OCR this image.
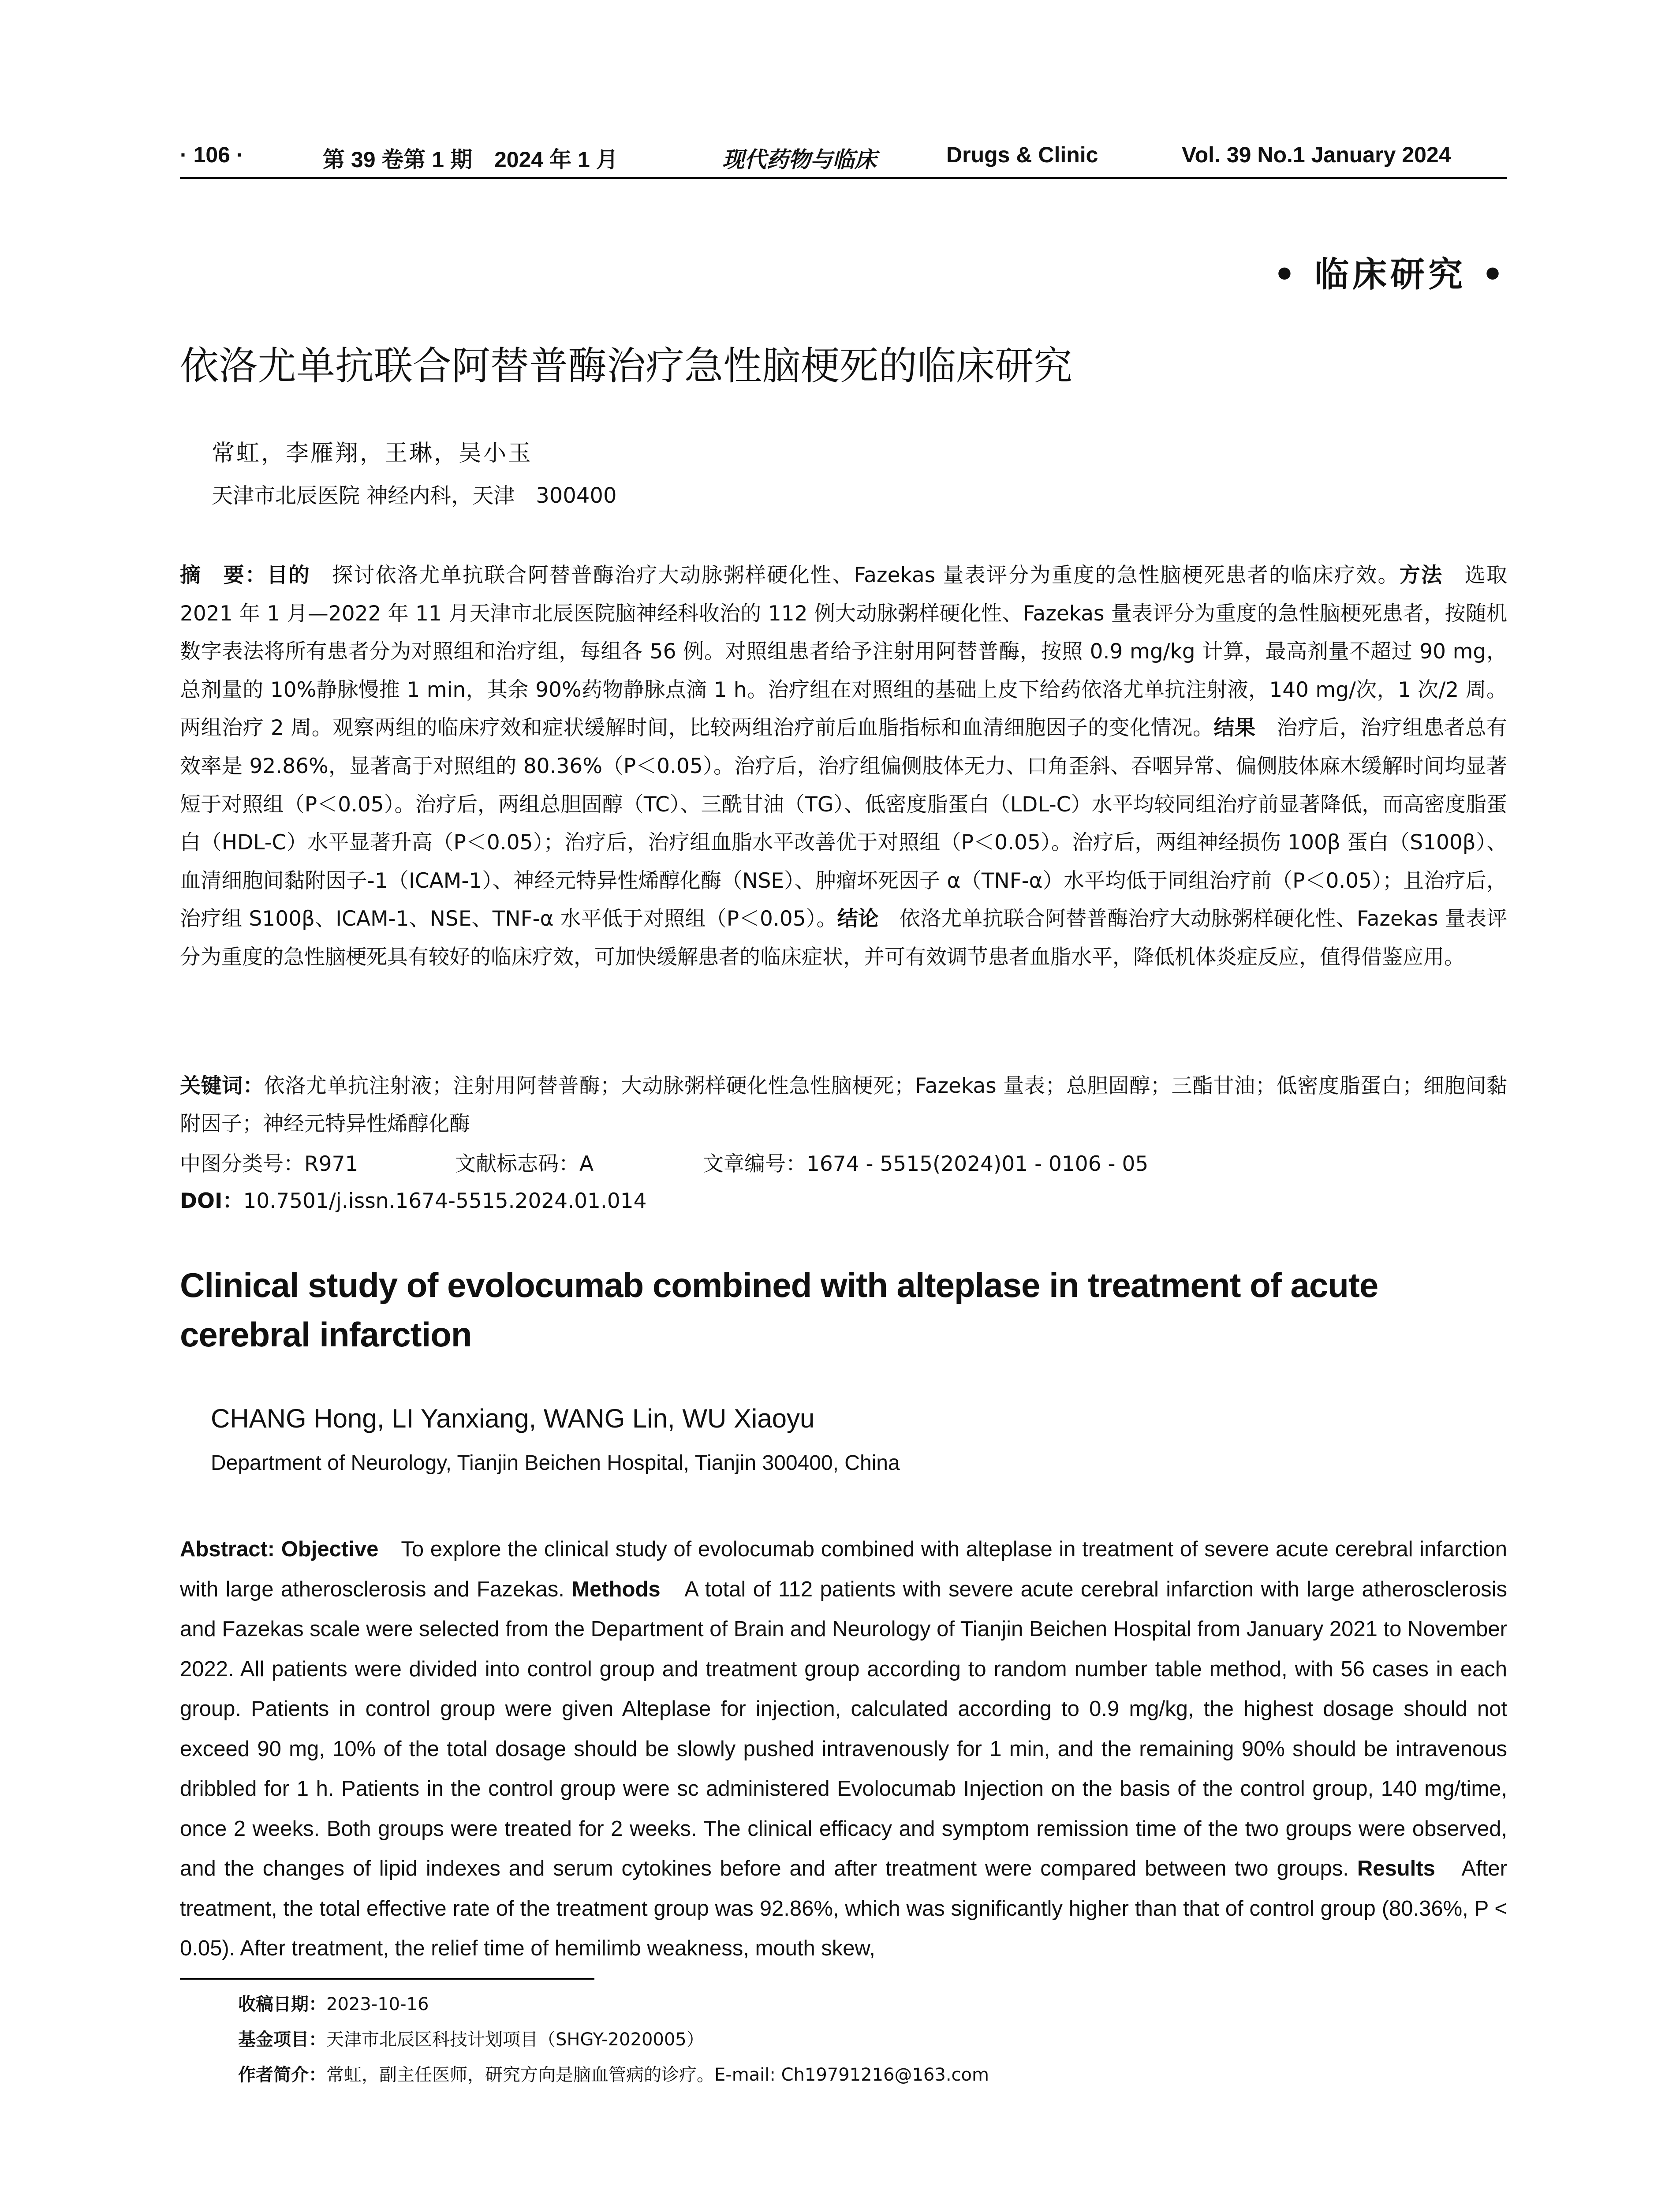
· 106 ·	第 39 卷第 1 期　2024 年 1 月	现代药物与临床	Drugs & Clinic	Vol. 39 No.1 January 2024
• 临床研究 •
依洛尤单抗联合阿替普酶治疗急性脑梗死的临床研究
常虹，李雁翔，王琳，吴小玉
天津市北辰医院 神经内科，天津　300400
摘　要：目的　探讨依洛尤单抗联合阿替普酶治疗大动脉粥样硬化性、Fazekas 量表评分为重度的急性脑梗死患者的临床疗效。方法　选取 2021 年 1 月—2022 年 11 月天津市北辰医院脑神经科收治的 112 例大动脉粥样硬化性、Fazekas 量表评分为重度的急性脑梗死患者，按随机数字表法将所有患者分为对照组和治疗组，每组各 56 例。对照组患者给予注射用阿替普酶，按照 0.9 mg/kg 计算，最高剂量不超过 90 mg，总剂量的 10%静脉慢推 1 min，其余 90%药物静脉点滴 1 h。治疗组在对照组的基础上皮下给药依洛尤单抗注射液，140 mg/次，1 次/2 周。两组治疗 2 周。观察两组的临床疗效和症状缓解时间，比较两组治疗前后血脂指标和血清细胞因子的变化情况。结果　治疗后，治疗组患者总有效率是 92.86%，显著高于对照组的 80.36%（P＜0.05）。治疗后，治疗组偏侧肢体无力、口角歪斜、吞咽异常、偏侧肢体麻木缓解时间均显著短于对照组（P＜0.05）。治疗后，两组总胆固醇（TC）、三酰甘油（TG）、低密度脂蛋白（LDL-C）水平均较同组治疗前显著降低，而高密度脂蛋白（HDL-C）水平显著升高（P＜0.05）；治疗后，治疗组血脂水平改善优于对照组（P＜0.05）。治疗后，两组神经损伤 100β 蛋白（S100β）、血清细胞间黏附因子-1（ICAM-1）、神经元特异性烯醇化酶（NSE）、肿瘤坏死因子 α（TNF-α）水平均低于同组治疗前（P＜0.05）；且治疗后，治疗组 S100β、ICAM-1、NSE、TNF-α 水平低于对照组（P＜0.05）。结论　依洛尤单抗联合阿替普酶治疗大动脉粥样硬化性、Fazekas 量表评分为重度的急性脑梗死具有较好的临床疗效，可加快缓解患者的临床症状，并可有效调节患者血脂水平，降低机体炎症反应，值得借鉴应用。
关键词：依洛尤单抗注射液；注射用阿替普酶；大动脉粥样硬化性急性脑梗死；Fazekas 量表；总胆固醇；三酯甘油；低密度脂蛋白；细胞间黏附因子；神经元特异性烯醇化酶
中图分类号：R971	文献标志码：A	文章编号：1674 - 5515(2024)01 - 0106 - 05
DOI： 10.7501/j.issn.1674-5515.2024.01.014
Clinical study of evolocumab combined with alteplase in treatment of acute cerebral infarction
CHANG Hong, LI Yanxiang, WANG Lin, WU Xiaoyu
Department of Neurology, Tianjin Beichen Hospital, Tianjin 300400, China
Abstract: Objective　To explore the clinical study of evolocumab combined with alteplase in treatment of severe acute cerebral infarction with large atherosclerosis and Fazekas. Methods　A total of 112 patients with severe acute cerebral infarction with large atherosclerosis and Fazekas scale were selected from the Department of Brain and Neurology of Tianjin Beichen Hospital from January 2021 to November 2022. All patients were divided into control group and treatment group according to random number table method, with 56 cases in each group. Patients in control group were given Alteplase for injection, calculated according to 0.9 mg/kg, the highest dosage should not exceed 90 mg, 10% of the total dosage should be slowly pushed intravenously for 1 min, and the remaining 90% should be intravenous dribbled for 1 h. Patients in the control group were sc administered Evolocumab Injection on the basis of the control group, 140 mg/time, once 2 weeks. Both groups were treated for 2 weeks. The clinical efficacy and symptom remission time of the two groups were observed, and the changes of lipid indexes and serum cytokines before and after treatment were compared between two groups. Results　After treatment, the total effective rate of the treatment group was 92.86%, which was significantly higher than that of control group (80.36%, P < 0.05). After treatment, the relief time of hemilimb weakness, mouth skew,
收稿日期：2023-10-16
基金项目：天津市北辰区科技计划项目（SHGY-2020005）
作者简介：常虹，副主任医师，研究方向是脑血管病的诊疗。E-mail: Ch19791216@163.com
